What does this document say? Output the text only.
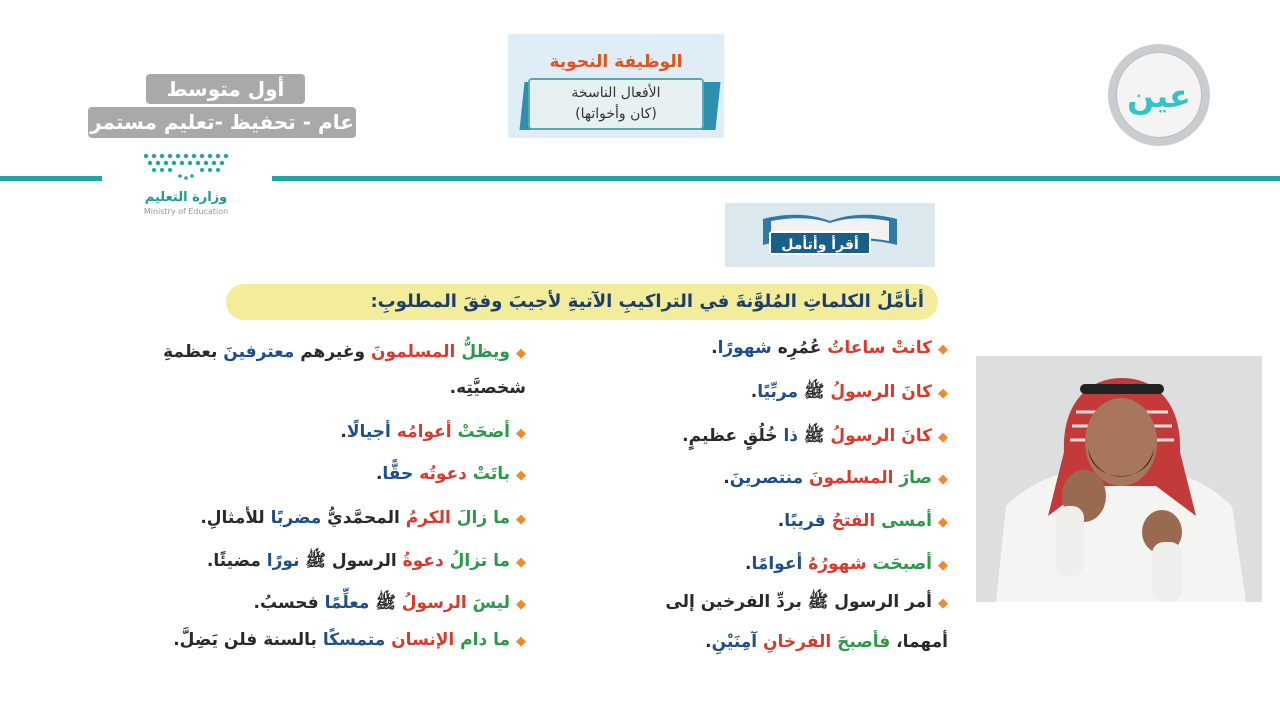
أول متوسط
عام - تحفيظ -تعليم مستمر
وزارة التعليم
Ministry of Education
الوظيفة النحوية
الأفعال الناسخة
(كان وأخواتها)	عين
أقرأ وأتأمل
أتأمَّلُ الكلماتِ المُلوَّنةَ في التراكيبِ الآتيةِ لأجيبَ وفقَ المطلوبِ:
◆كانتْ ساعاتُ عُمُرِه شهورًا.
◆كانَ الرسولُ ﷺ مربِّيًا.
◆كانَ الرسولُ ﷺ ذا خُلُقٍ عظيمٍ.
◆صارَ المسلمونَ منتصرينَ.
◆أمسى الفتحُ قريبًا.
◆أصبحَت شهورُهُ أعوامًا.
◆أمر الرسول ﷺ بردِّ الفرخين إلى
أمهما، فأصبحَ الفرخانِ آمِنَيْنِ.
◆ويظلُّ المسلمونَ وغيرهم معترفينَ بعظمةِ
شخصيَّتِه.
◆أضحَتْ أعوامُه أجيالًا.
◆باتَتْ دعوتُه حقًّا.
◆ما زالَ الكرمُ المحمَّديُّ مضربًا للأمثالِ.
◆ما تزالُ دعوةُ الرسول ﷺ نورًا مضيئًا.
◆ليسَ الرسولُ ﷺ معلِّمًا فحسبُ.
◆ما دام الإنسان متمسكًا بالسنة فلن يَضِلَّ.
